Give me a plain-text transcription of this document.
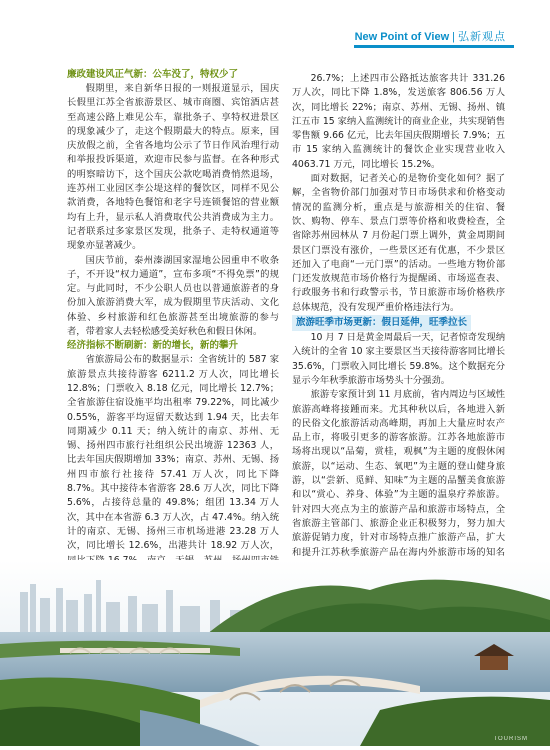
New Point of View | 弘新观点

廉政建设风正气新：公车没了，特权少了

假期里，来自新华日报的一则报道显示，国庆长假里江苏全省旅游景区、城市商圈、宾馆酒店甚至高速公路上难见公车，靠批条子、享特权进景区的现象减少了，走这个假期最大的特点。原来，国庆放假之前，全省各地均公示了节日作风治理行动和举报投诉渠道，欢迎市民参与监督。在各种形式的明察暗访下，这个国庆公款吃喝消费悄然退场，连苏州工业园区李公堤这样的餐饮区，同样不见公款消费，各地特色餐馆和老字号连锁餐馆的营业额均有上升，显示私人消费取代公共消费成为主力。记者联系过多家景区发现，批条子、走特权通道等现象亦显著减少。

国庆节前，泰州溱湖国家湿地公园重申不收条子，不开设“权力通道”，宣布多项“不得免票”的规定。与此同时，不少公职人员也以普通旅游者的身份加入旅游消费大军，成为假期里节庆活动、文化体验、乡村旅游和红色旅游甚至出境旅游的参与者，带着家人去轻松感受美好秋色和假日休闲。

经济指标不断刷新：新的增长，新的攀升

省旅游局公布的数据显示：全省统计的 587 家旅游景点共接待游客 6211.2 万人次，同比增长 12.8%；门票收入 8.18 亿元，同比增长 12.7%；全省旅游住宿设施平均出租率 79.22%，同比减少 0.55%，游客平均逗留天数达到 1.94 天，比去年同期减少 0.11 天；纳入统计的南京、苏州、无锡、扬州四市旅行社组织公民出境游 12363 人，比去年国庆假期增加 33%；南京、苏州、无锡、扬州四市旅行社接待 57.41 万人次，同比下降 8.7%。其中接待本省游客 28.6 万人次，同比下降 5.6%，占接待总量的 49.8%；组团 13.34 万人次，其中在本省游 6.3 万人次，占 47.4%。纳入统计的南京、无锡、扬州三市机场进港 23.28 万人次，同比增长 12.6%，出港共计 18.92 万人次，

26.7%；上述四市公路抵达旅客共计 331.26 万人次，同比下降 1.8%，发送旅客 806.56 万人次，同比增长 22%；南京、苏州、无锡、扬州、镇江五市 15 家纳入监测统计的商业企业，共实现销售零售额 9.66 亿元，比去年国庆假期增长 7.9%；五市 15 家纳入监测统计的餐饮企业实现营业收入 4063.71 万元，同比增长 15.2%。

面对数据，记者关心的是物价变化如何？据了解，全省物价部门加强对节日市场供求和价格变动情况的监测分析，重点是与旅游相关的住宿、餐饮、购物、停车、景点门票等价格和收费检查，全省除苏州园林从 7 月份起门票上调外，黄金周期间景区门票没有涨价，一些景区还有优惠，不少景区还加入了电商“一元门票”的活动。一些地方物价部门还发放规范市场价格行为提醒函、市场巡查表、行政服务书和行政警示书，节日旅游市场价格秩序总体规范，没有发现严重价格违法行为。

旅游旺季市场更新：假日延伸，旺季拉长

10 月 7 日是黄金周最后一天，记者惊奇发现纳入统计的全省 10 家主要景区当天接待游客同比增长 35.6%，门票收入同比增长 59.8%。这个数据充分显示今年秋季旅游市场势头十分强劲。

旅游专家预计到 11 月底前，省内周边与区域性旅游高峰将接踵而来。尤其种秋以后，各地进入新的民俗文化旅游活动高峰期，再加上大量应时农产品上市，将吸引更多的游客旅游。江苏各地旅游市场将出现以“品菊，赏桂，观枫”为主题的度假休闲旅游，以“运动、生态、氧吧”为主题的登山健身旅游，以“尝新、觅鲜、知味”为主题的品蟹美食旅游和以“赏心、养身、体验”为主题的温泉疗养旅游。针对四大亮点为主的旅游产品和旅游市场特点，全省旅游主管部门、旅游企业正积极努力，努力加大旅游促销力度，针对市场特点推广旅游产品，扩大和提升江苏秋季旅游产品在海内外旅游市场的知名

TOURISM
